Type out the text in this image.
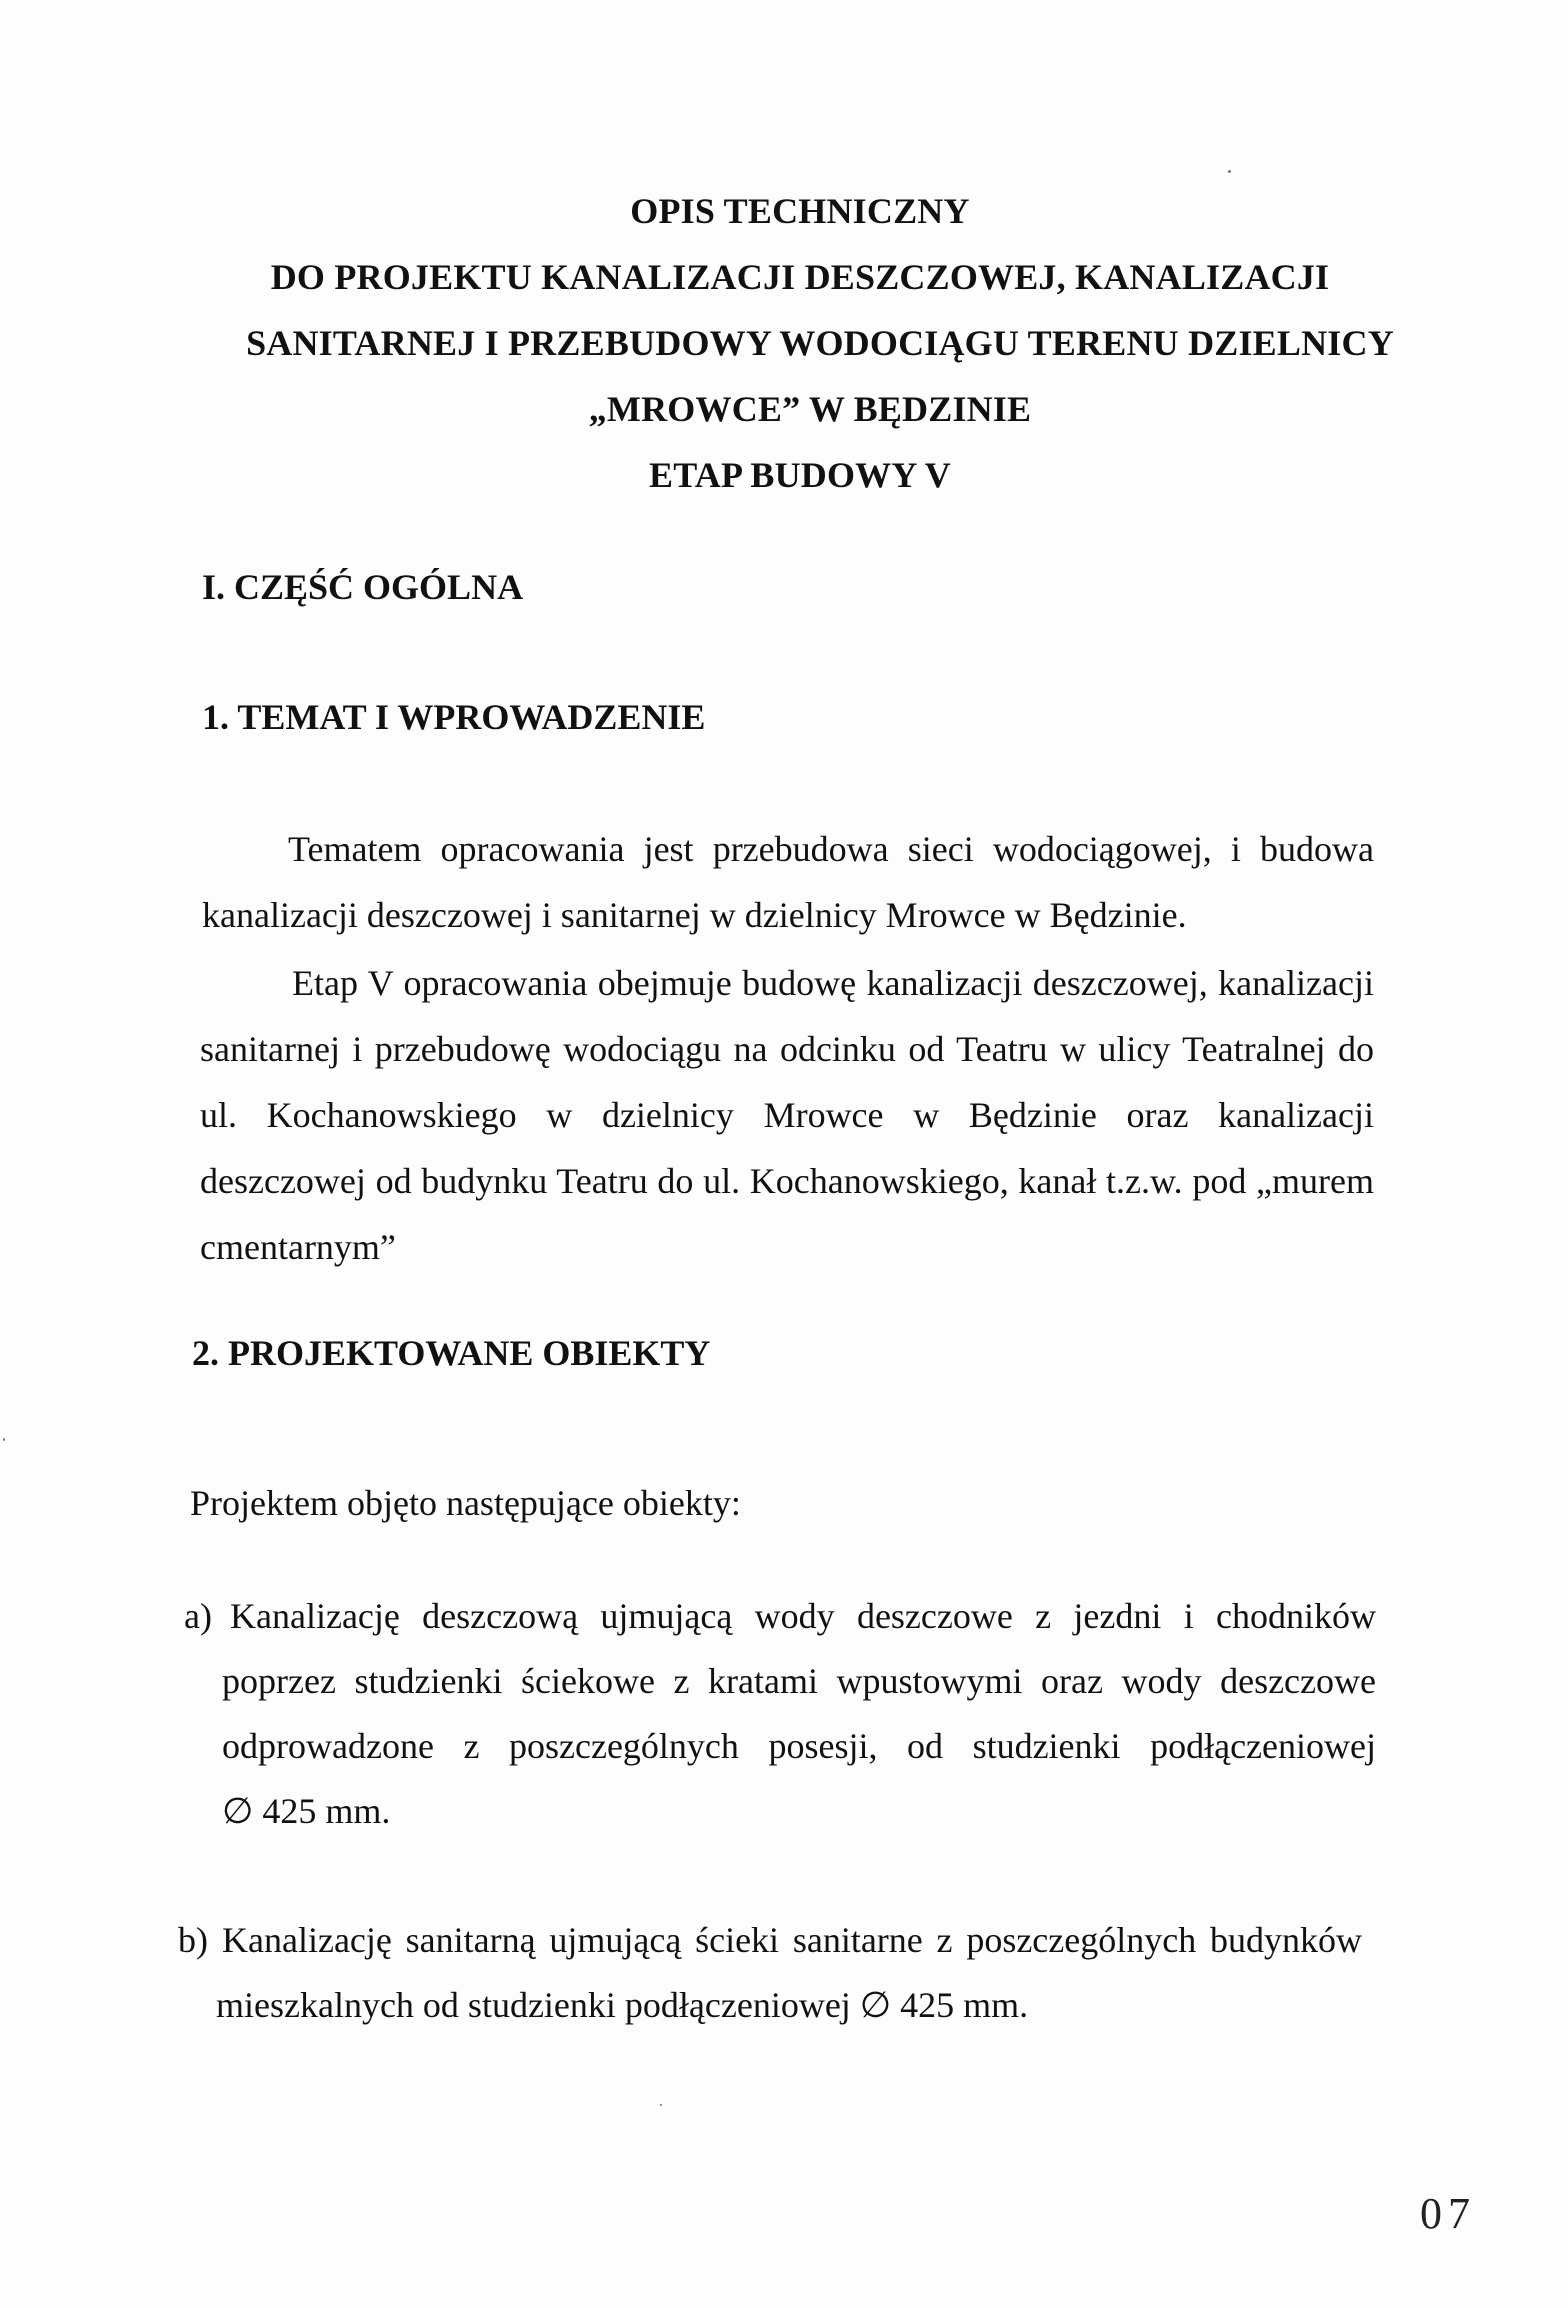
OPIS TECHNICZNY
DO PROJEKTU KANALIZACJI DESZCZOWEJ, KANALIZACJI
SANITARNEJ I PRZEBUDOWY WODOCIĄGU TERENU DZIELNICY
„MROWCE” W BĘDZINIE
ETAP BUDOWY V
I. CZĘŚĆ OGÓLNA
1. TEMAT I WPROWADZENIE
Tematem opracowania jest przebudowa sieci wodociągowej, i budowa
kanalizacji deszczowej i sanitarnej w dzielnicy Mrowce w Będzinie.
Etap V opracowania obejmuje budowę kanalizacji deszczowej, kanalizacji
sanitarnej i przebudowę wodociągu na odcinku od Teatru w ulicy Teatralnej do
ul. Kochanowskiego w dzielnicy Mrowce w Będzinie oraz kanalizacji
deszczowej od budynku Teatru do ul. Kochanowskiego, kanał t.z.w. pod „murem
cmentarnym”
2. PROJEKTOWANE OBIEKTY
Projektem objęto następujące obiekty:
a) Kanalizację deszczową ujmującą wody deszczowe z jezdni i chodników
poprzez studzienki ściekowe z kratami wpustowymi oraz wody deszczowe
odprowadzone z poszczególnych posesji, od studzienki podłączeniowej
∅ 425 mm.
b) Kanalizację sanitarną ujmującą ścieki sanitarne z poszczególnych budynków
mieszkalnych od studzienki podłączeniowej ∅ 425 mm.
07
